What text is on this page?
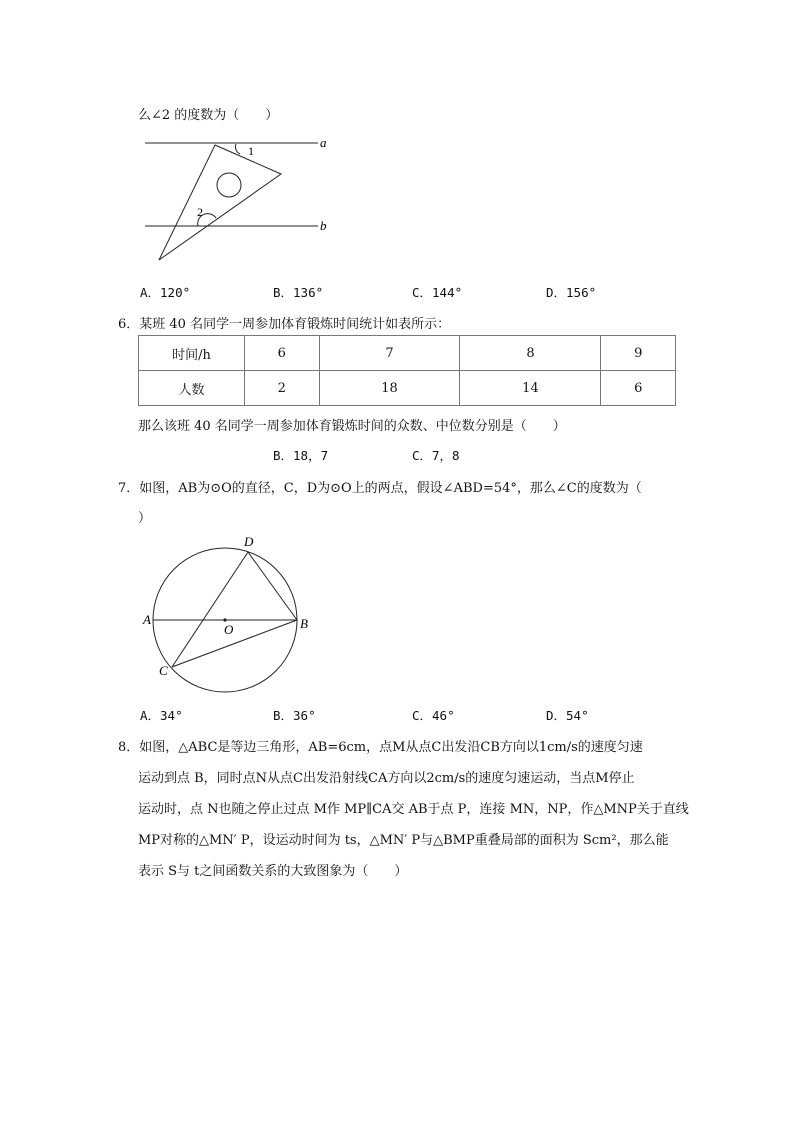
么∠2 的度数为（　　）
a
b
1
2
A．120°	B．136°	C．144°	D．156°
6．某班 40 名同学一周参加体育锻炼时间统计如表所示：
时间/h	6	7	8	9
人数	2	18	14	6
那么该班 40 名同学一周参加体育锻炼时间的众数、中位数分别是（　　）
B．18，7	C．7，8
7．如图，AB为⊙O的直径，C，D为⊙O上的两点，假设∠ABD=54°，那么∠C的度数为（
）
A	B
C
D
O
A．34°	B．36°	C．46°	D．54°
8．如图，△ABC是等边三角形，AB=6cm，点M从点C出发沿CB方向以1cm/s的速度匀速
运动到点 B，同时点N从点C出发沿射线CA方向以2cm/s的速度匀速运动，当点M停止
运动时，点 N也随之停止过点 M作 MP∥CA交 AB于点 P，连接 MN，NP，作△MNP关于直线
MP对称的△MN′ P，设运动时间为 ts，△MN′ P与△BMP重叠局部的面积为 Scm²，那么能
表示 S与 t之间函数关系的大致图象为（　　）
